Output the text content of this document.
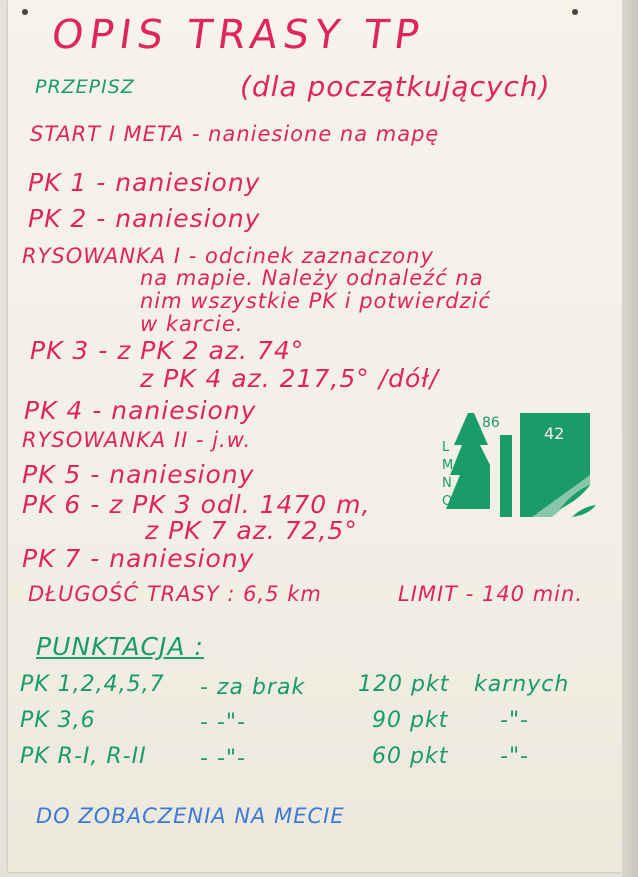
OPIS TRASY TP
PRZEPISZ	(dla początkujących)
START I META - naniesione na mapę
PK 1 - naniesiony
PK 2 - naniesiony
RYSOWANKA I - odcinek zaznaczony
na mapie. Należy odnaleźć na
nim wszystkie PK i potwierdzić
w karcie.
PK 3 - z PK 2 az. 74°
z PK 4 az. 217,5° /dół/
PK 4 - naniesiony
RYSOWANKA II - j.w.
PK 5 - naniesiony
PK 6 - z PK 3 odl. 1470 m,
z PK 7 az. 72,5°
PK 7 - naniesiony
DŁUGOŚĆ TRASY : 6,5 km	LIMIT - 140 min.
PUNKTACJA :
PK 1,2,4,5,7 - za brak 120 pkt karnych
PK 3,6	- -"-	90 pkt -"-
PK R-I, R-II - -"-	60 pkt -"-
DO ZOBACZENIA NA MECIE
86
42
L
M
N
O
